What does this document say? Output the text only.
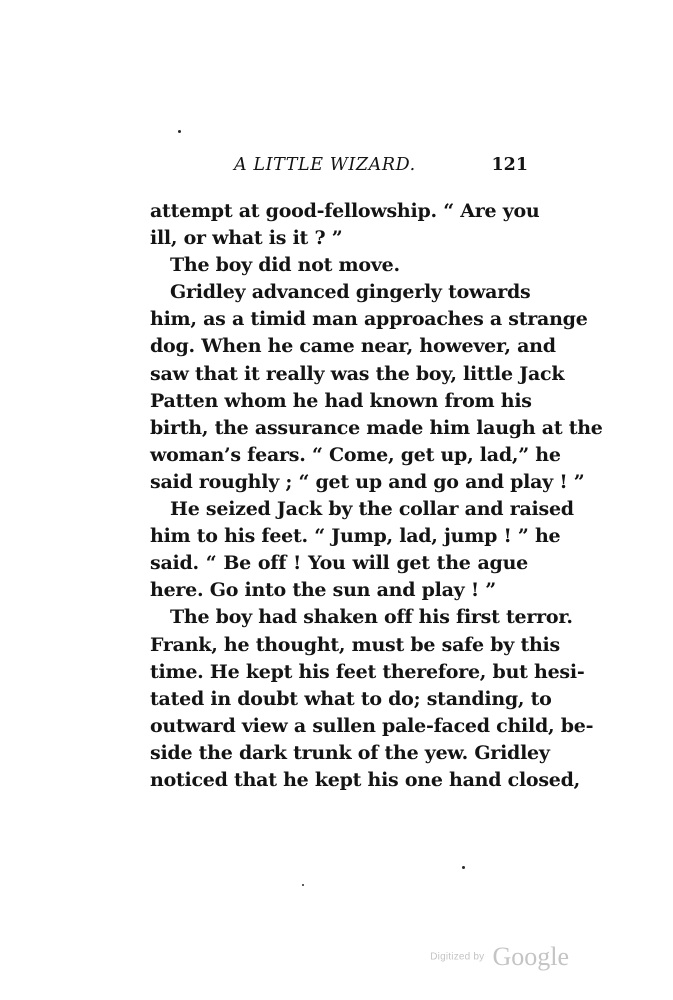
A LITTLE WIZARD.	121
attempt at good-fellowship. “ Are you
ill, or what is it ? ”
The boy did not move.
Gridley advanced gingerly towards
him, as a timid man approaches a strange
dog. When he came near, however, and
saw that it really was the boy, little Jack
Patten whom he had known from his
birth, the assurance made him laugh at the
woman’s fears. “ Come, get up, lad,” he
said roughly ; “ get up and go and play ! ”
He seized Jack by the collar and raised
him to his feet. “ Jump, lad, jump ! ” he
said. “ Be off ! You will get the ague
here. Go into the sun and play ! ”
The boy had shaken off his first terror.
Frank, he thought, must be safe by this
time. He kept his feet therefore, but hesi-
tated in doubt what to do; standing, to
outward view a sullen pale-faced child, be-
side the dark trunk of the yew. Gridley
noticed that he kept his one hand closed,
Digitized by Google
